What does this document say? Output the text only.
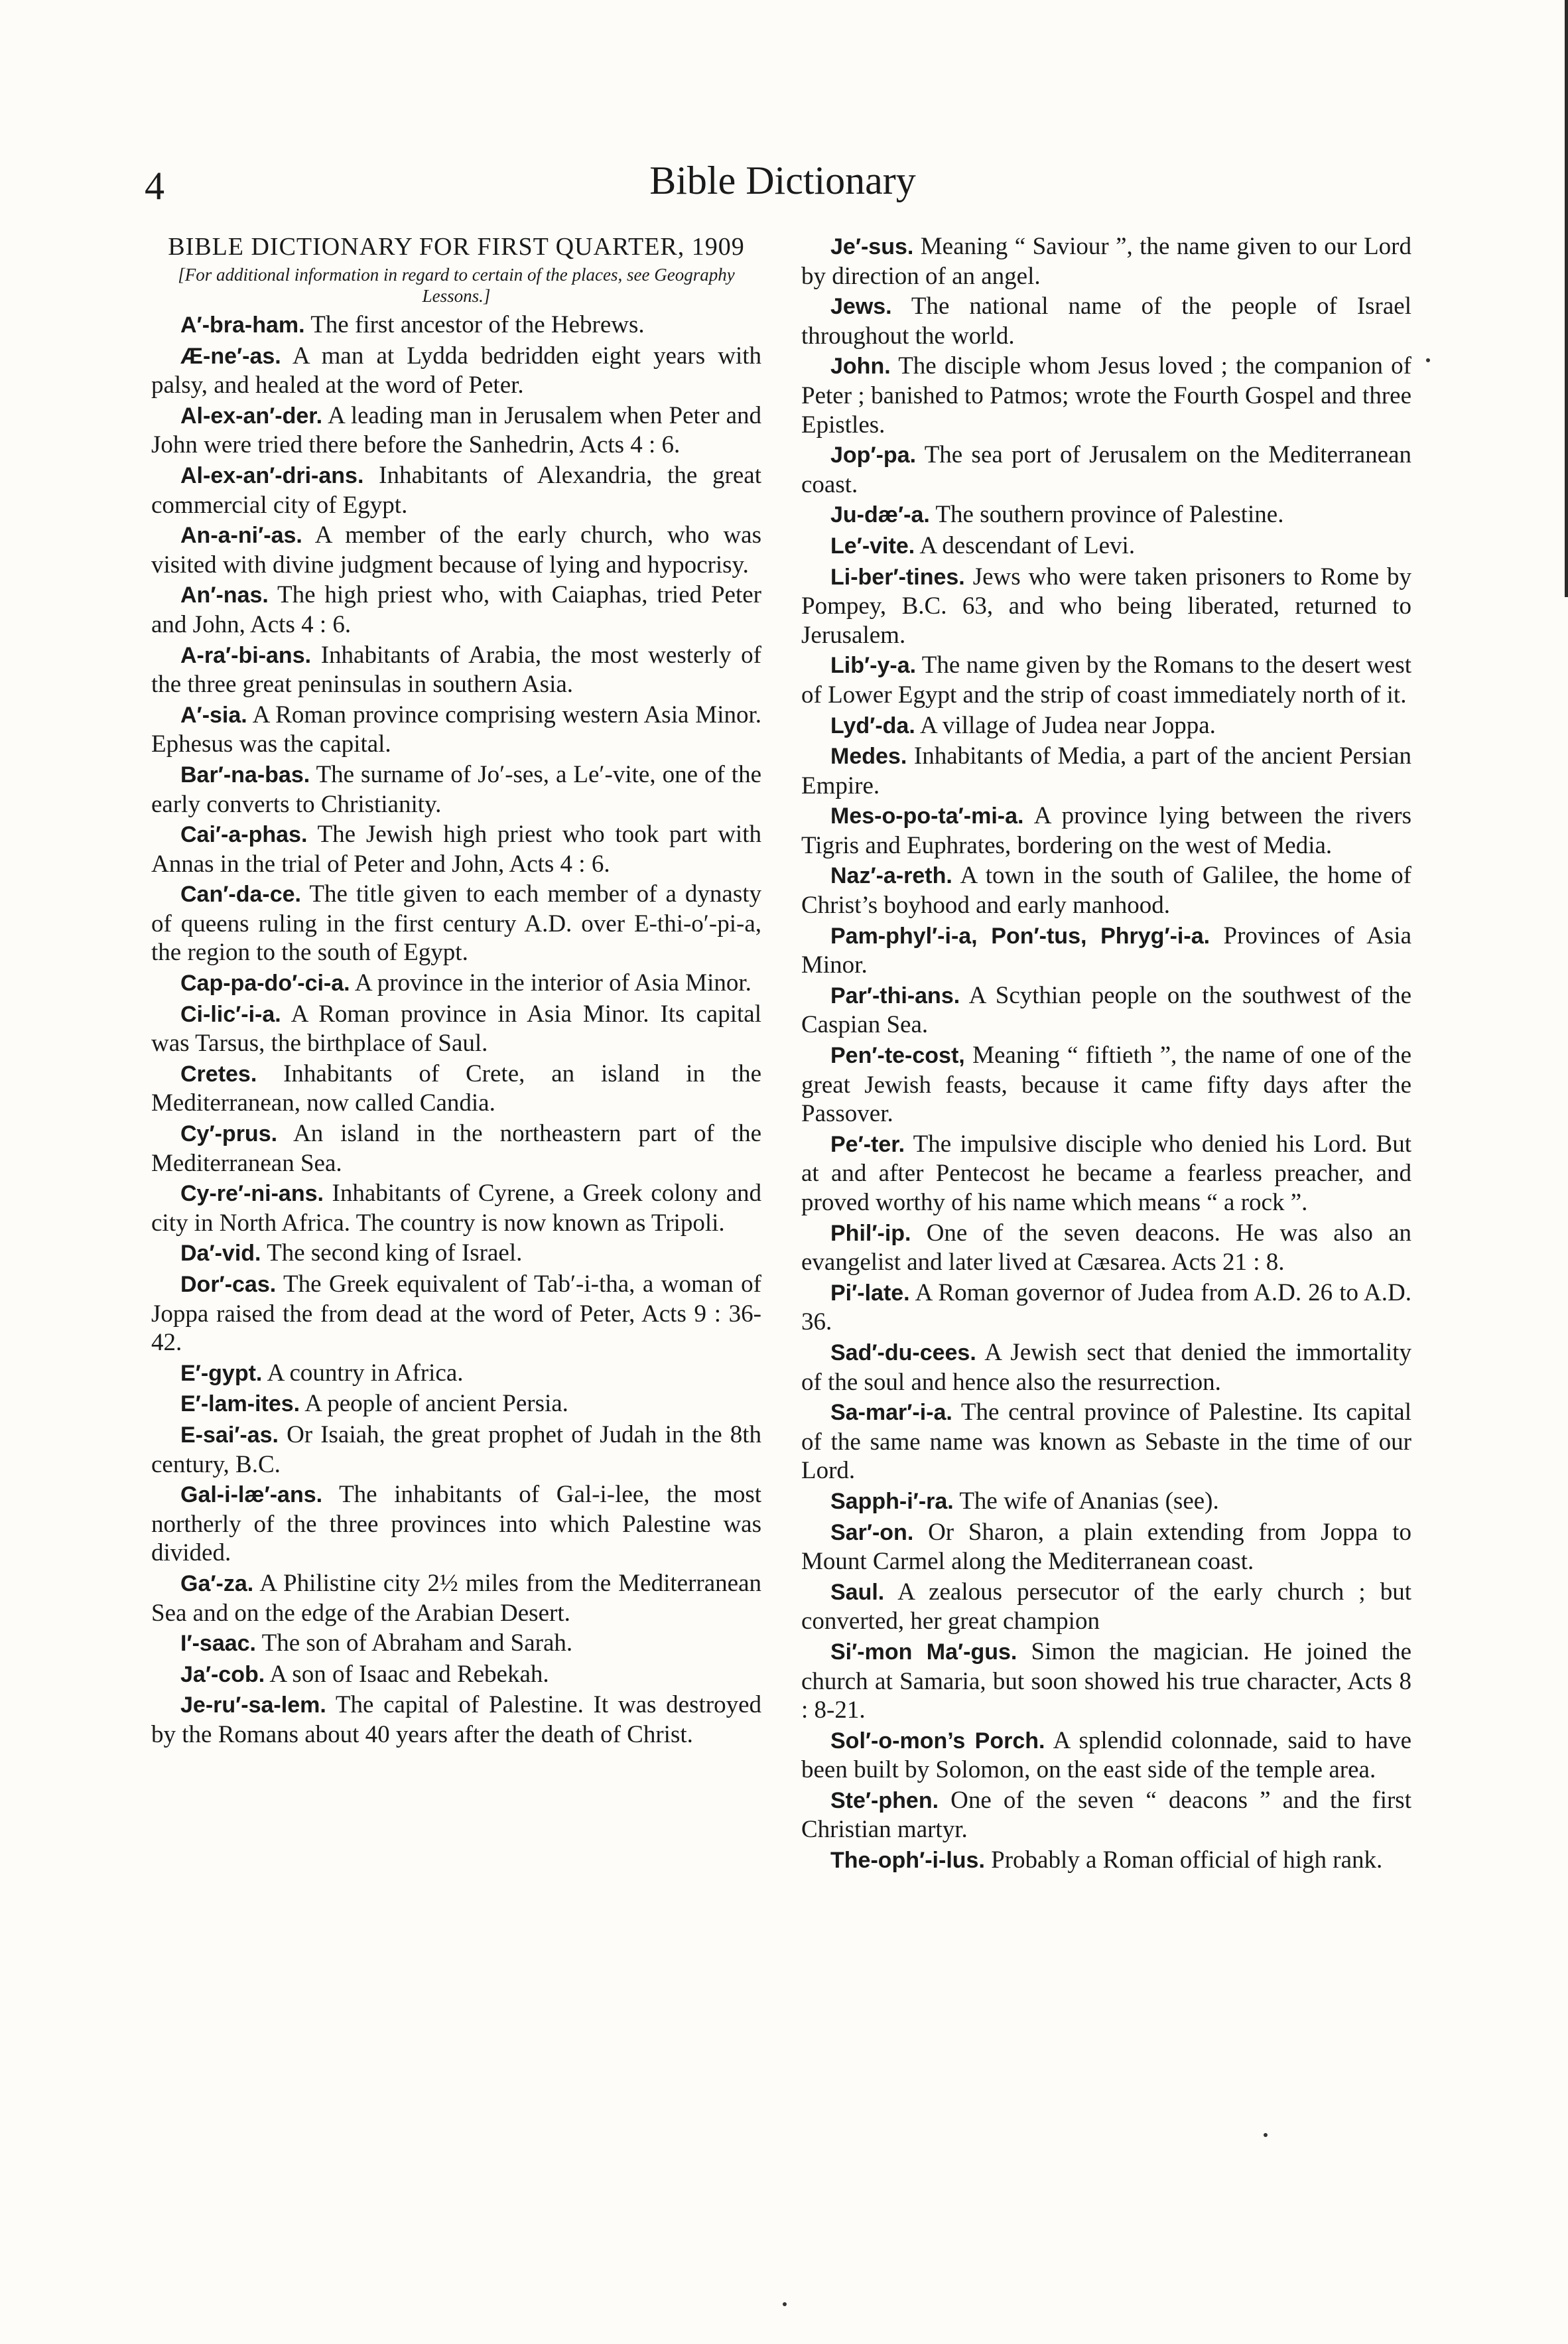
4	Bible Dictionary
BIBLE DICTIONARY FOR FIRST QUARTER, 1909
[For additional information in regard to certain of the places, see Geography Lessons.]
A′-bra-ham. The first ancestor of the Hebrews.
Æ-ne′-as. A man at Lydda bedridden eight years with palsy, and healed at the word of Peter.
Al-ex-an′-der. A leading man in Jerusalem when Peter and John were tried there before the Sanhedrin, Acts 4 : 6.
Al-ex-an′-dri-ans. Inhabitants of Alexandria, the great commercial city of Egypt.
An-a-ni′-as. A member of the early church, who was visited with divine judgment because of lying and hypocrisy.
An′-nas. The high priest who, with Caiaphas, tried Peter and John, Acts 4 : 6.
A-ra′-bi-ans. Inhabitants of Arabia, the most westerly of the three great peninsulas in southern Asia.
A′-sia. A Roman province comprising western Asia Minor. Ephesus was the capital.
Bar′-na-bas. The surname of Jo′-ses, a Le′-vite, one of the early converts to Christianity.
Cai′-a-phas. The Jewish high priest who took part with Annas in the trial of Peter and John, Acts 4 : 6.
Can′-da-ce. The title given to each member of a dynasty of queens ruling in the first century A.D. over E-thi-o′-pi-a, the region to the south of Egypt.
Cap-pa-do′-ci-a. A province in the interior of Asia Minor.
Ci-lic′-i-a. A Roman province in Asia Minor. Its capital was Tarsus, the birthplace of Saul.
Cretes. Inhabitants of Crete, an island in the Mediterranean, now called Candia.
Cy′-prus. An island in the northeastern part of the Mediterranean Sea.
Cy-re′-ni-ans. Inhabitants of Cyrene, a Greek colony and city in North Africa. The country is now known as Tripoli.
Da′-vid. The second king of Israel.
Dor′-cas. The Greek equivalent of Tab′-i-tha, a woman of Joppa raised the from dead at the word of Peter, Acts 9 : 36-42.
E′-gypt. A country in Africa.
E′-lam-ites. A people of ancient Persia.
E-sai′-as. Or Isaiah, the great prophet of Judah in the 8th century, B.C.
Gal-i-læ′-ans. The inhabitants of Gal-i-lee, the most northerly of the three provinces into which Palestine was divided.
Ga′-za. A Philistine city 2½ miles from the Mediterranean Sea and on the edge of the Arabian Desert.
I′-saac. The son of Abraham and Sarah.
Ja′-cob. A son of Isaac and Rebekah.
Je-ru′-sa-lem. The capital of Palestine. It was destroyed by the Romans about 40 years after the death of Christ.
Je′-sus. Meaning “ Saviour ”, the name given to our Lord by direction of an angel.
Jews. The national name of the people of Israel throughout the world.
John. The disciple whom Jesus loved ; the companion of Peter ; banished to Patmos; wrote the Fourth Gospel and three Epistles.
Jop′-pa. The sea port of Jerusalem on the Mediterranean coast.
Ju-dæ′-a. The southern province of Palestine.
Le′-vite. A descendant of Levi.
Li-ber′-tines. Jews who were taken prisoners to Rome by Pompey, B.C. 63, and who being liberated, returned to Jerusalem.
Lib′-y-a. The name given by the Romans to the desert west of Lower Egypt and the strip of coast immediately north of it.
Lyd′-da. A village of Judea near Joppa.
Medes. Inhabitants of Media, a part of the ancient Persian Empire.
Mes-o-po-ta′-mi-a. A province lying between the rivers Tigris and Euphrates, bordering on the west of Media.
Naz′-a-reth. A town in the south of Galilee, the home of Christ’s boyhood and early manhood.
Pam-phyl′-i-a, Pon′-tus, Phryg′-i-a. Provinces of Asia Minor.
Par′-thi-ans. A Scythian people on the southwest of the Caspian Sea.
Pen′-te-cost, Meaning “ fiftieth ”, the name of one of the great Jewish feasts, because it came fifty days after the Passover.
Pe′-ter. The impulsive disciple who denied his Lord. But at and after Pentecost he became a fearless preacher, and proved worthy of his name which means “ a rock ”.
Phil′-ip. One of the seven deacons. He was also an evangelist and later lived at Cæsarea. Acts 21 : 8.
Pi′-late. A Roman governor of Judea from A.D. 26 to A.D. 36.
Sad′-du-cees. A Jewish sect that denied the immortality of the soul and hence also the resurrection.
Sa-mar′-i-a. The central province of Palestine. Its capital of the same name was known as Sebaste in the time of our Lord.
Sapph-i′-ra. The wife of Ananias (see).
Sar′-on. Or Sharon, a plain extending from Joppa to Mount Carmel along the Mediterranean coast.
Saul. A zealous persecutor of the early church ; but converted, her great champion
Si′-mon Ma′-gus. Simon the magician. He joined the church at Samaria, but soon showed his true character, Acts 8 : 8-21.
Sol′-o-mon’s Porch. A splendid colonnade, said to have been built by Solomon, on the east side of the temple area.
Ste′-phen. One of the seven “ deacons ” and the first Christian martyr.
The-oph′-i-lus. Probably a Roman official of high rank.
